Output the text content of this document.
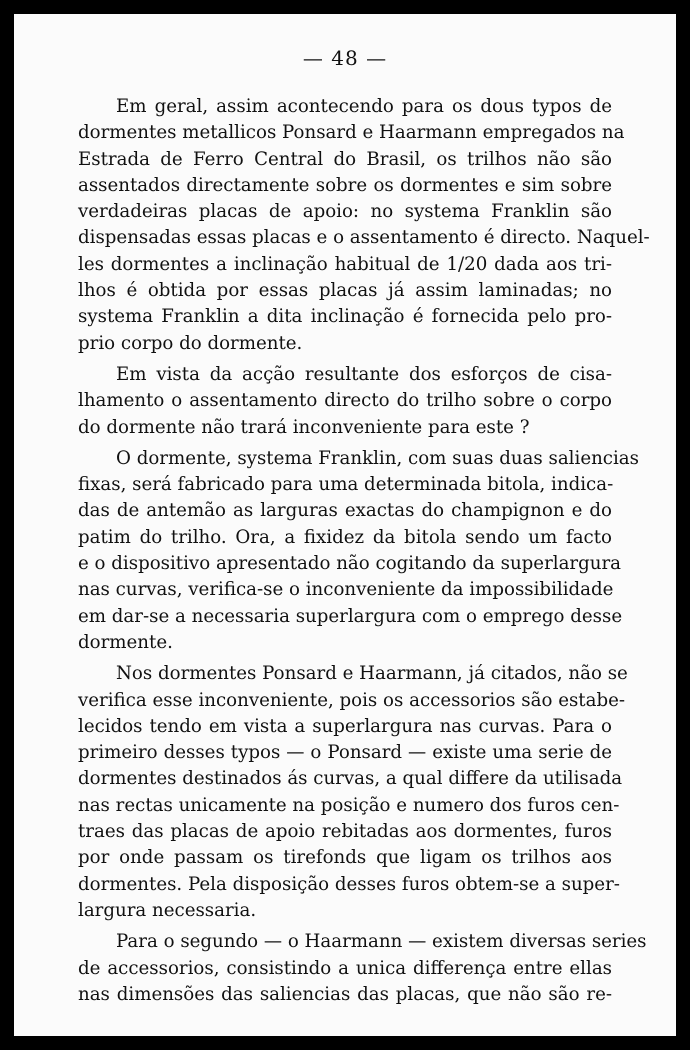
— 48 —
Em geral, assim acontecendo para os dous typos de
dormentes metallicos Ponsard e Haarmann empregados na
Estrada de Ferro Central do Brasil, os trilhos não são
assentados directamente sobre os dormentes e sim sobre
verdadeiras placas de apoio: no systema Franklin são
dispensadas essas placas e o assentamento é directo. Naquel-
les dormentes a inclinação habitual de 1/20 dada aos tri-
lhos é obtida por essas placas já assim laminadas; no
systema Franklin a dita inclinação é fornecida pelo pro-
prio corpo do dormente.
Em vista da acção resultante dos esforços de cisa-
lhamento o assentamento directo do trilho sobre o corpo
do dormente não trará inconveniente para este ?
O dormente, systema Franklin, com suas duas saliencias
fixas, será fabricado para uma determinada bitola, indica-
das de antemão as larguras exactas do champignon e do
patim do trilho. Ora, a fixidez da bitola sendo um facto
e o dispositivo apresentado não cogitando da superlargura
nas curvas, verifica-se o inconveniente da impossibilidade
em dar-se a necessaria superlargura com o emprego desse
dormente.
Nos dormentes Ponsard e Haarmann, já citados, não se
verifica esse inconveniente, pois os accessorios são estabe-
lecidos tendo em vista a superlargura nas curvas. Para o
primeiro desses typos — o Ponsard — existe uma serie de
dormentes destinados ás curvas, a qual differe da utilisada
nas rectas unicamente na posição e numero dos furos cen-
traes das placas de apoio rebitadas aos dormentes, furos
por onde passam os tirefonds que ligam os trilhos aos
dormentes. Pela disposição desses furos obtem-se a super-
largura necessaria.
Para o segundo — o Haarmann — existem diversas series
de accessorios, consistindo a unica differença entre ellas
nas dimensões das saliencias das placas, que não são re-
